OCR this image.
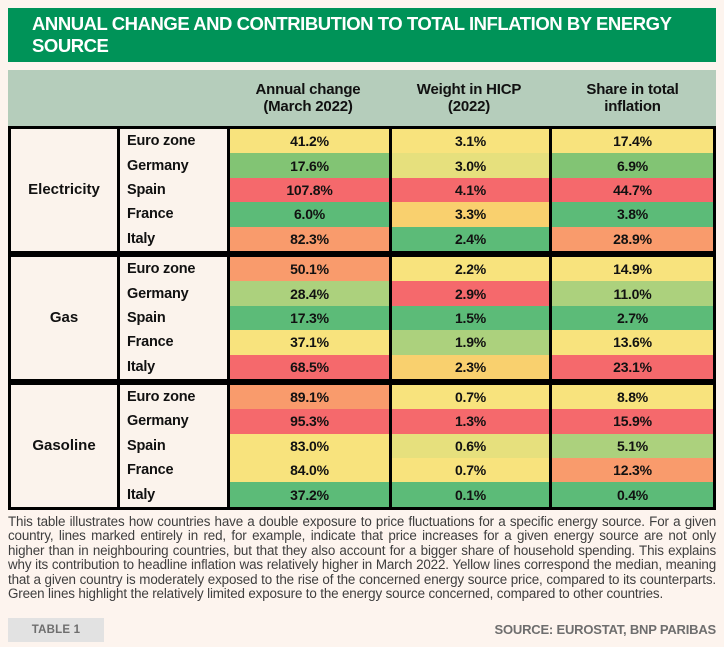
ANNUAL CHANGE AND CONTRIBUTION TO TOTAL INFLATION BY ENERGY SOURCE
Annual change
(March 2022)
Weight in HICP
(2022)
Share in total
inflation
Electricity
Euro zone	41.2%	3.1%	17.4%
Germany	17.6%	3.0%	6.9%
Spain	107.8%	4.1%	44.7%
France	6.0%	3.3%	3.8%
Italy	82.3%	2.4%	28.9%
Gas
Euro zone	50.1%	2.2%	14.9%
Germany	28.4%	2.9%	11.0%
Spain	17.3%	1.5%	2.7%
France	37.1%	1.9%	13.6%
Italy	68.5%	2.3%	23.1%
Gasoline
Euro zone	89.1%	0.7%	8.8%
Germany	95.3%	1.3%	15.9%
Spain	83.0%	0.6%	5.1%
France	84.0%	0.7%	12.3%
Italy	37.2%	0.1%	0.4%

This table illustrates how countries have a double exposure to price fluctuations for a specific energy source. For a given country, lines marked entirely in red, for example, indicate that price increases for a given energy source are not only higher than in neighbouring countries, but that they also account for a bigger share of household spending. This explains why its contribution to headline inflation was relatively higher in March 2022. Yellow lines correspond the median, meaning that a given country is moderately exposed to the rise of the concerned energy source price, compared to its counterparts. Green lines highlight the relatively limited exposure to the energy source concerned, compared to other countries.

TABLE 1	SOURCE: EUROSTAT, BNP PARIBAS
